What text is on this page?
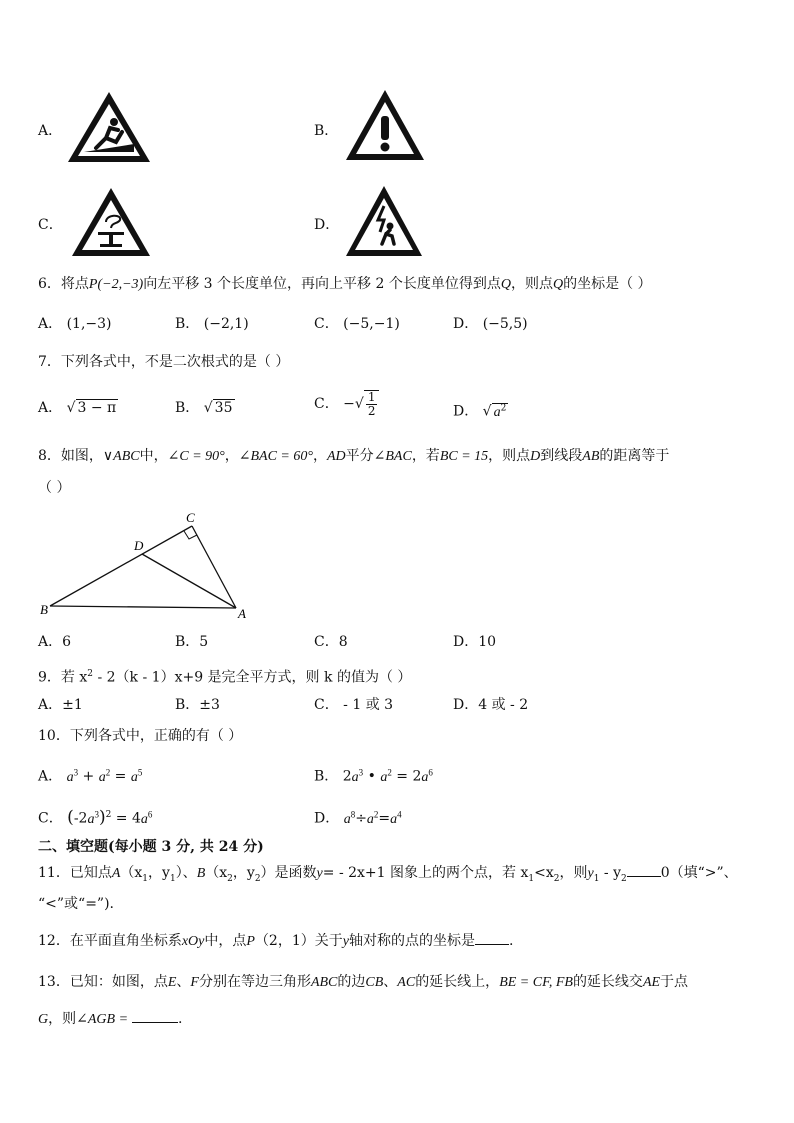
A．	B．
C．	D．
6．将点P(−2,−3)向左平移 3 个长度单位，再向上平移 2 个长度单位得到点Q，则点Q的坐标是（ ）
A． (1,−3)	B． (−2,1)	C． (−5,−1)	D． (−5,5)
7．下列各式中，不是二次根式的是（ ）
A． √ 3 − π	B． √ 35	C． −√ $\frac{1}{2}$	D． √ $a^2$
8．如图，∨ABC中，∠C = 90°，∠BAC = 60°，AD平分∠BAC，若BC = 15，则点D到线段AB的距离等于
（ ）
B	A
C
D
A．6	B．5	C．8	D．10
9．若 $x^2 - 2(k - 1)x+9$ 是完全平方式，则 k 的值为（ ）
A．±1	B．±3	C． - 1 或 3	D．4 或 - 2
10．下列各式中，正确的有（ ）
A． $a^3 + a^2 = a^5$	B． $2a^3$ • $a^2 = 2a^6$
C． $(-2a^3)^2 = 4a^6$	D． $a^8\div a^2=a^4$
二、填空题(每小题 3 分, 共 24 分)
11．已知点$A(x_1$，$y_1$）、$B(x_2$，$y_2$）是函数y= - 2x+1 图象上的两个点，若 $x_1<x_2$，则$y_1 - y_2$ 0（填“>”、
“<”或“=”).
12．在平面直角坐标系xOy中，点P（2，1）关于y轴对称的点的坐标是 .
13．已知：如图，点E、F分别在等边三角形ABC的边CB、AC的延长线上，BE = CF, FB的延长线交AE于点
G，则∠AGB =	.
